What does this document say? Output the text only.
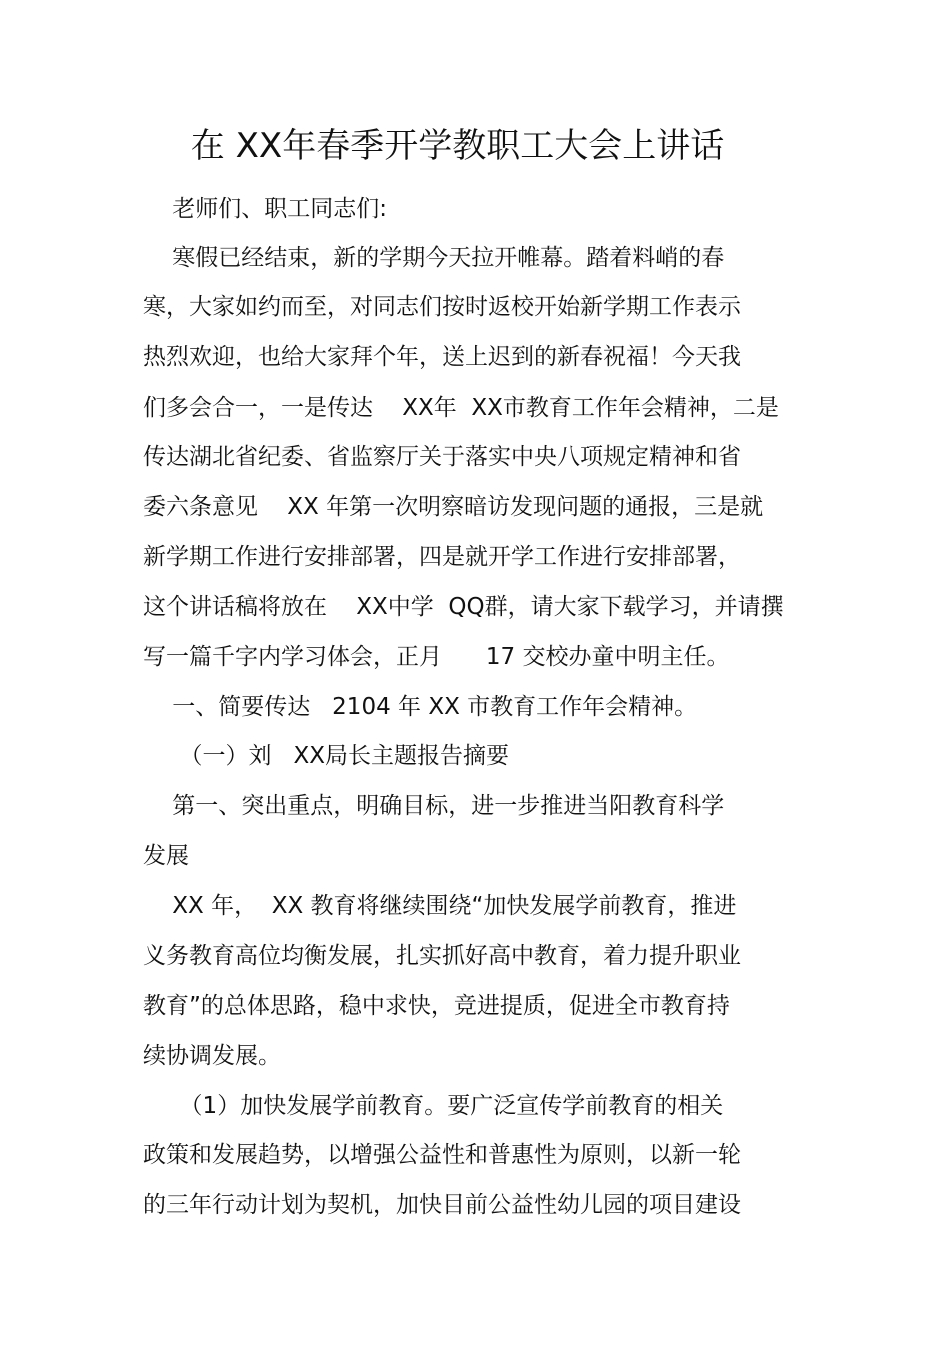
在 XX年春季开学教职工大会上讲话
老师们、职工同志们:
寒假已经结束，新的学期今天拉开帷幕。踏着料峭的春
寒，大家如约而至，对同志们按时返校开始新学期工作表示
热烈欢迎，也给大家拜个年，送上迟到的新春祝福！今天我
们多会合一，一是传达    XX年  XX市教育工作年会精神，二是
传达湖北省纪委、省监察厅关于落实中央八项规定精神和省
委六条意见    XX 年第一次明察暗访发现问题的通报，三是就
新学期工作进行安排部署，四是就开学工作进行安排部署，
这个讲话稿将放在    XX中学  QQ群，请大家下载学习，并请撰
写一篇千字内学习体会，正月      17 交校办童中明主任。
一、简要传达   2104 年 XX 市教育工作年会精神。
（一）刘   XX局长主题报告摘要
第一、突出重点，明确目标，进一步推进当阳教育科学
发展
XX 年，  XX 教育将继续围绕“加快发展学前教育，推进
义务教育高位均衡发展，扎实抓好高中教育，着力提升职业
教育”的总体思路，稳中求快，竞进提质，促进全市教育持
续协调发展。
（1）加快发展学前教育。要广泛宣传学前教育的相关
政策和发展趋势，以增强公益性和普惠性为原则，以新一轮
的三年行动计划为契机，加快目前公益性幼儿园的项目建设
